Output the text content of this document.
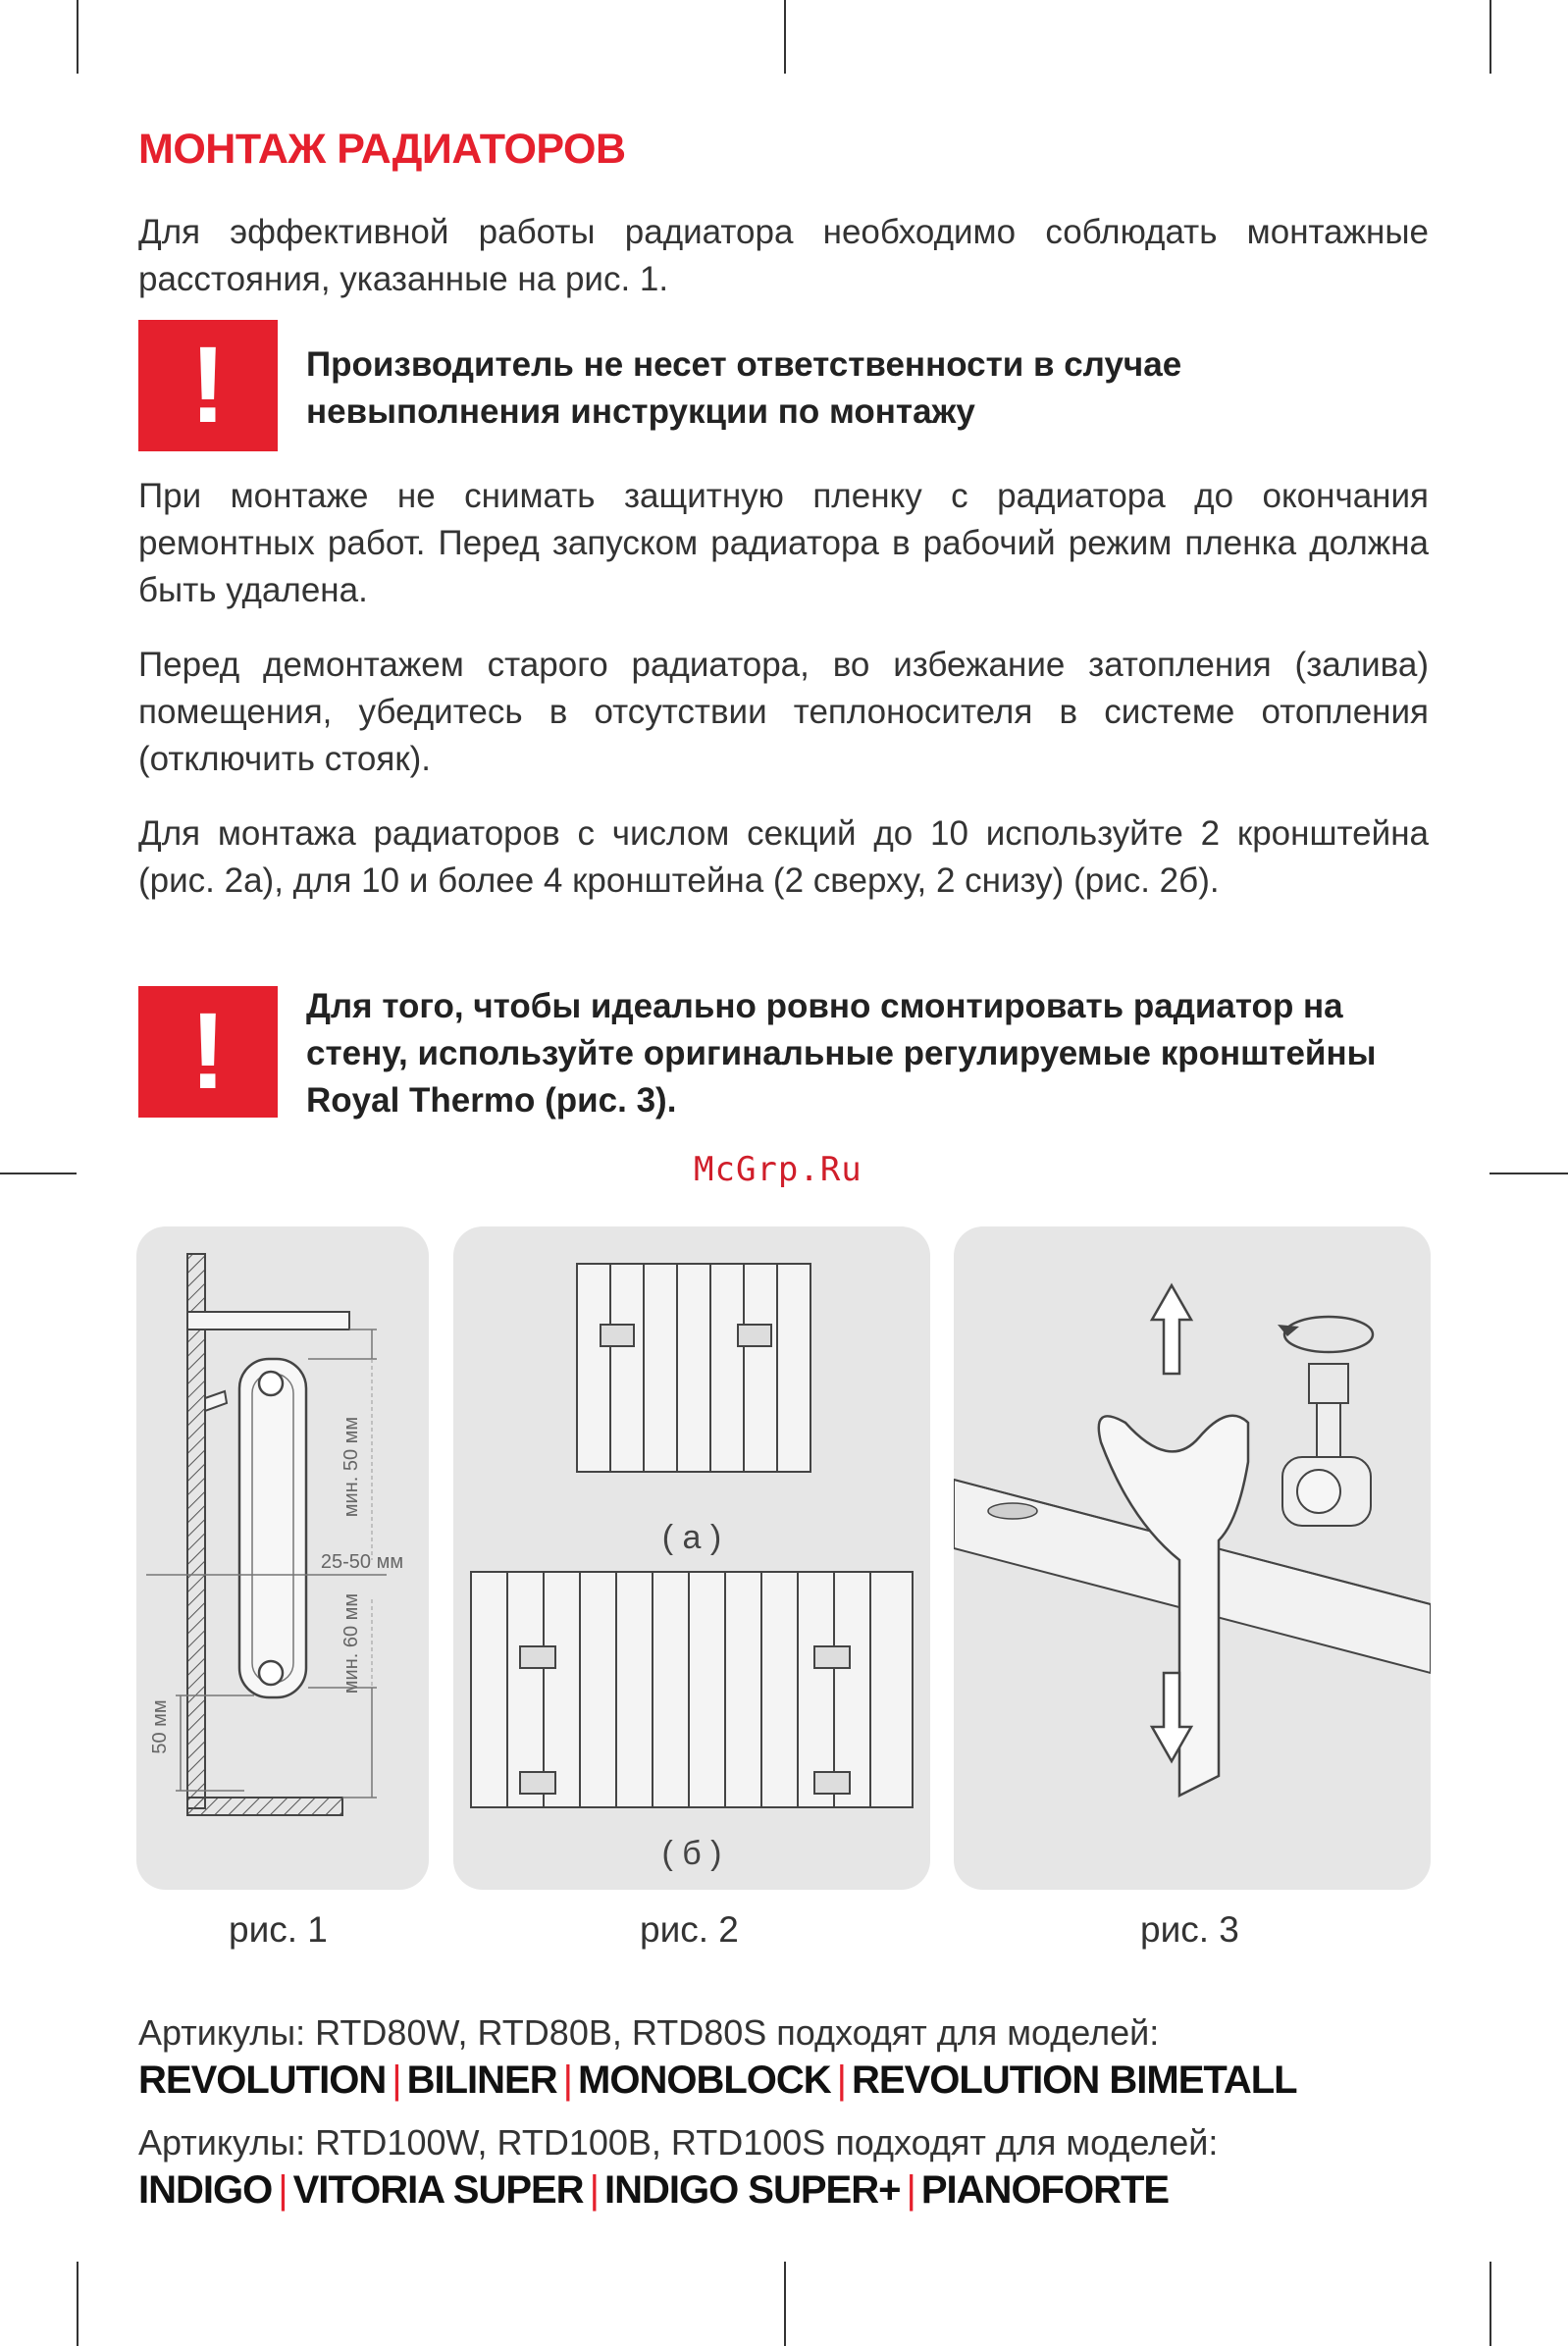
МОНТАЖ РАДИАТОРОВ

Для эффективной работы радиатора необходимо соблюдать монтажные расстояния, указанные на рис. 1.

! Производитель не несет ответственности в случае невыполнения инструкции по монтажу

При монтаже не снимать защитную пленку с радиатора до окончания ремонтных работ. Перед запуском радиатора в рабочий режим пленка должна быть удалена.

Перед демонтажем старого радиатора, во избежание затопления (залива) помещения, убедитесь в отсутствии теплоносителя в системе отопления (отключить стояк).

Для монтажа радиаторов с числом секций до 10 используйте 2 кронштейна (рис. 2а), для 10 и более 4 кронштейна (2 сверху, 2 снизу) (рис. 2б).

! Для того, чтобы идеально ровно смонтировать радиатор на стену, используйте оригинальные регулируемые кронштейны Royal Thermo (рис. 3).

McGrp.Ru
мин. 50 мм
25-50 мм
мин. 60 мм
50 мм
( а )
( б )
рис. 1	рис. 2	рис. 3

Артикулы: RTD80W, RTD80B, RTD80S подходят для моделей:

REVOLUTION | BILINER | MONOBLOCK | REVOLUTION BIMETALL

Артикулы: RTD100W, RTD100B, RTD100S подходят для моделей:

INDIGO | VITORIA SUPER | INDIGO SUPER+ | PIANOFORTE
